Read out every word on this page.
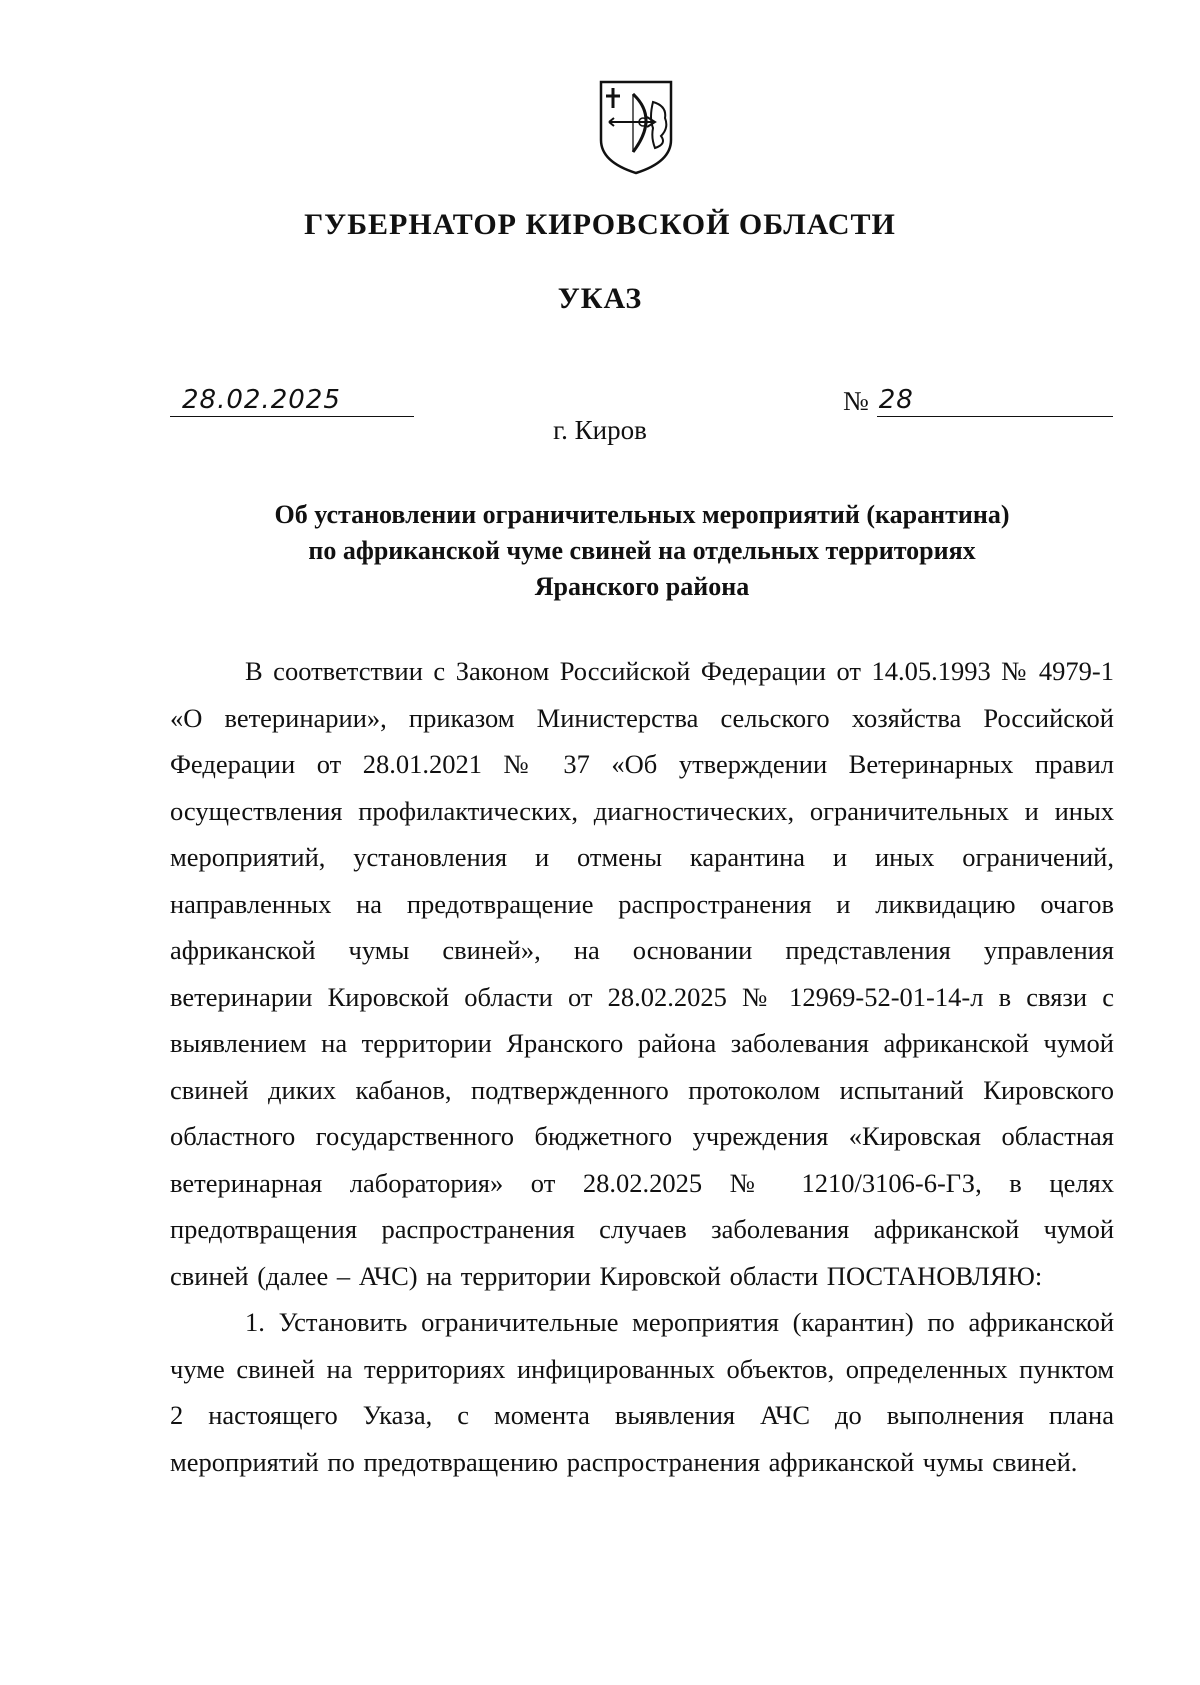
ГУБЕРНАТОР КИРОВСКОЙ ОБЛАСТИ
УКАЗ
28.02.2025	№ 28
г. Киров
Об установлении ограничительных мероприятий (карантина)
по африканской чуме свиней на отдельных территориях
Яранского района

В соответствии с Законом Российской Федерации от 14.05.1993 № 4979-1 «О ветеринарии», приказом Министерства сельского хозяйства Российской Федерации от 28.01.2021 № 37 «Об утверждении Ветеринарных правил осуществления профилактических, диагностических, ограничительных и иных мероприятий, установления и отмены карантина и иных ограничений, направленных на предотвращение распространения и ликвидацию очагов африканской чумы свиней», на основании представления управления ветеринарии Кировской области от 28.02.2025 № 12969-52-01-14-л в связи с выявлением на территории Яранского района заболевания африканской чумой свиней диких кабанов, подтвержденного протоколом испытаний Кировского областного государственного бюджетного учреждения «Кировская областная ветеринарная лаборатория» от 28.02.2025 № 1210/3106-6-ГЗ, в целях предотвращения распространения случаев заболевания африканской чумой свиней (далее – АЧС) на территории Кировской области ПОСТАНОВЛЯЮ:

1. Установить ограничительные мероприятия (карантин) по африканской чуме свиней на территориях инфицированных объектов, определенных пунктом 2 настоящего Указа, с момента выявления АЧС до выполнения плана мероприятий по предотвращению распространения африканской чумы свиней.
